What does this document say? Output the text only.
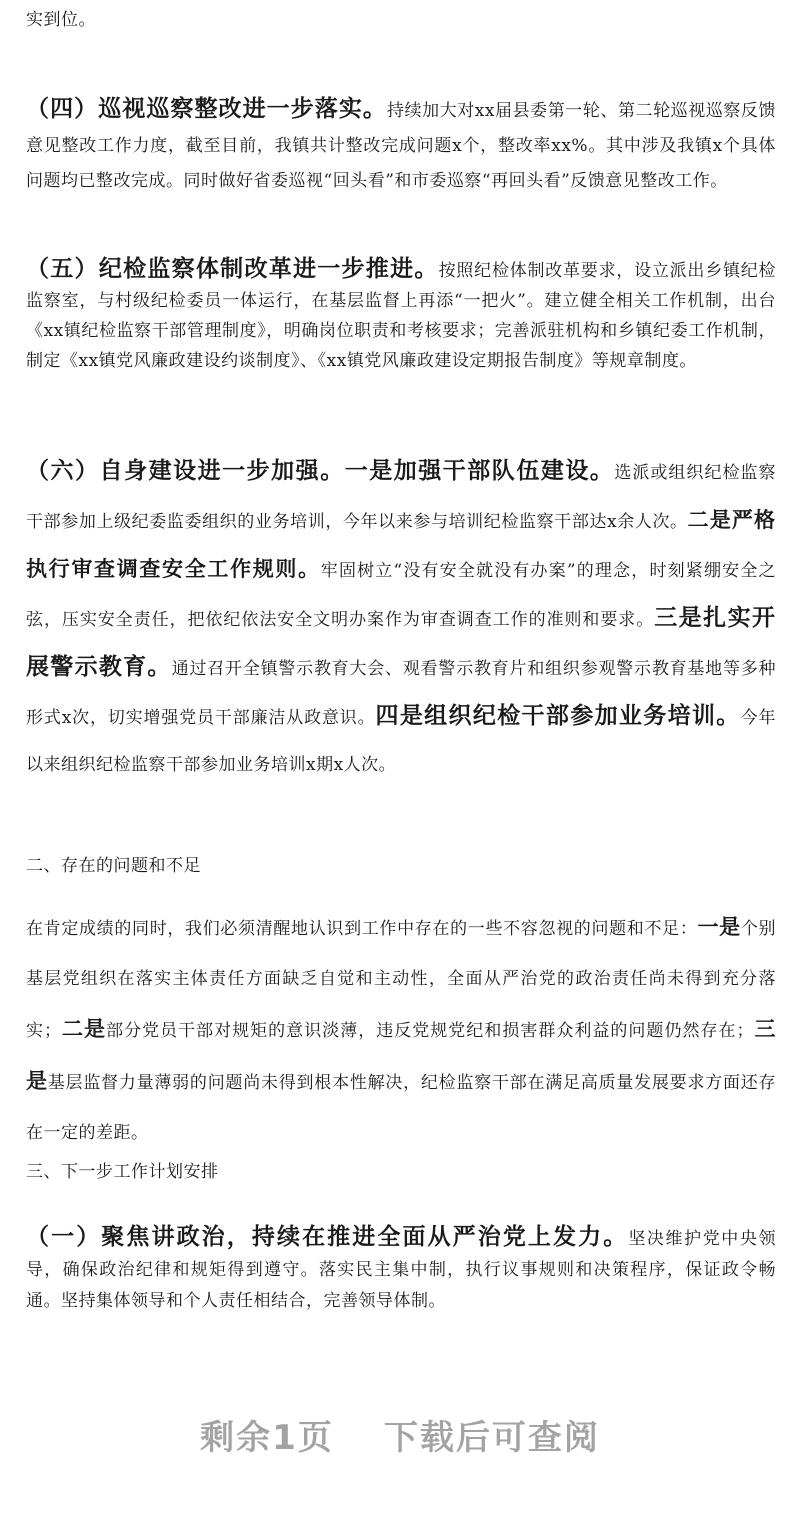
实到位。

（四）巡视巡察整改进一步落实。持续加大对xx届县委第一轮、第二轮巡视巡察反馈意见整改工作力度，截至目前，我镇共计整改完成问题x个，整改率xx%。其中涉及我镇x个具体问题均已整改完成。同时做好省委巡视“回头看”和市委巡察“再回头看”反馈意见整改工作。

（五）纪检监察体制改革进一步推进。按照纪检体制改革要求，设立派出乡镇纪检监察室，与村级纪检委员一体运行，在基层监督上再添“一把火”。建立健全相关工作机制，出台《xx镇纪检监察干部管理制度》，明确岗位职责和考核要求；完善派驻机构和乡镇纪委工作机制，制定《xx镇党风廉政建设约谈制度》、《xx镇党风廉政建设定期报告制度》等规章制度。

（六）自身建设进一步加强。一是加强干部队伍建设。选派或组织纪检监察干部参加上级纪委监委组织的业务培训，今年以来参与培训纪检监察干部达x余人次。二是严格执行审查调查安全工作规则。牢固树立“没有安全就没有办案”的理念，时刻紧绷安全之弦，压实安全责任，把依纪依法安全文明办案作为审查调查工作的准则和要求。三是扎实开展警示教育。通过召开全镇警示教育大会、观看警示教育片和组织参观警示教育基地等多种形式x次，切实增强党员干部廉洁从政意识。四是组织纪检干部参加业务培训。今年以来组织纪检监察干部参加业务培训x期x人次。

二、存在的问题和不足

在肯定成绩的同时，我们必须清醒地认识到工作中存在的一些不容忽视的问题和不足：一是个别基层党组织在落实主体责任方面缺乏自觉和主动性，全面从严治党的政治责任尚未得到充分落实；二是部分党员干部对规矩的意识淡薄，违反党规党纪和损害群众利益的问题仍然存在；三是基层监督力量薄弱的问题尚未得到根本性解决，纪检监察干部在满足高质量发展要求方面还存在一定的差距。

三、下一步工作计划安排

（一）聚焦讲政治，持续在推进全面从严治党上发力。坚决维护党中央领导，确保政治纪律和规矩得到遵守。落实民主集中制，执行议事规则和决策程序，保证政令畅通。坚持集体领导和个人责任相结合，完善领导体制。

剩余1页 下载后可查阅
